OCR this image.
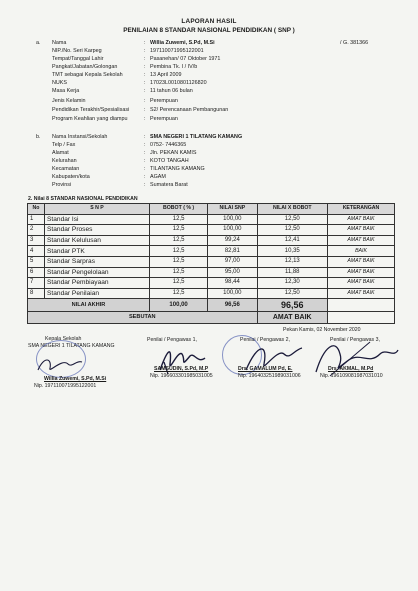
LAPORAN HASIL
PENILAIAN 8 STANDAR NASIONAL PENDIDIKAN ( SNP )
a.	/ G. 381366
Nama	: Willia Zuwemi, S.Pd, M.Si
NIP./No. Seri Karpeg	: 197110071995122001
Tempat/Tanggal Lahir	: Pasanehan/ 07 Oktober 1971
Pangkat/Jabatan/Golongan	: Pembina Tk. I / IV/b
TMT sebagai Kepala Sekolah	: 13 April 2009
NUKS	: 17023L0010801126820
Masa Kerja	: 11 tahun 06 bulan
Jenis Kelamin	: Perempuan
Pendidikan Terakhir/Spesialisasi	: S2/ Perencanaan Pembangunan
Program Keahlian yang diampu	: Perempuan
b. Nama Instansi/Sekolah	: SMA NEGERI 1 TILATANG KAMANG
Telp / Fax	: 0752- 7446365
Alamat	: Jln. PEKAN KAMIS
Kelurahan	: KOTO TANGAH
Kecamatan	: TILANTANG KAMANG
Kabupaten/kota	: AGAM
Provinsi	: Sumatera Barat
2. Nilai 8 STANDAR NASIONAL PENDIDIKAN
No	S N P	BOBOT ( % )	NILAI SNP	NILAI X BOBOT	KETERANGAN
1	Standar Isi	12,5	100,00	12,50	AMAT BAIK
2	Standar Proses	12,5	100,00	12,50	AMAT BAIK
3	Standar Kelulusan	12,5	99,24	12,41	AMAT BAIK
4	Standar PTK	12,5	82,81	10,35	BAIK
5	Standar Sarpras	12,5	97,00	12,13	AMAT BAIK
6	Standar Pengelolaan	12,5	95,00	11,88	AMAT BAIK
7	Standar Pembiayaan	12,5	98,44	12,30	AMAT BAIK
8	Standar Penilaian	12,5	100,00	12,50	AMAT BAIK
NILAI AKHIR		100,00	96,56	96,56	
SEBUTAN				AMAT BAIK	
Pekan Kamis, 02 November 2020
Kepala Sekolah
SMA NEGERI 1 TILATANG KAMANG
Penilai / Pengawas 1,	Penilai / Pengawas 2,	Penilai / Pengawas 3,
Willia Zuwemi, S.Pd, M.Si
Nip. 197110071995122001
SAMSUDIN, S.Pd, M.P
Nip. 196603301985031005
Drs. GAMALUM Pd, E.
Nip. 196403251989031006
Drs. AKMAL, M.Pd
Nip. 196109081987031010
